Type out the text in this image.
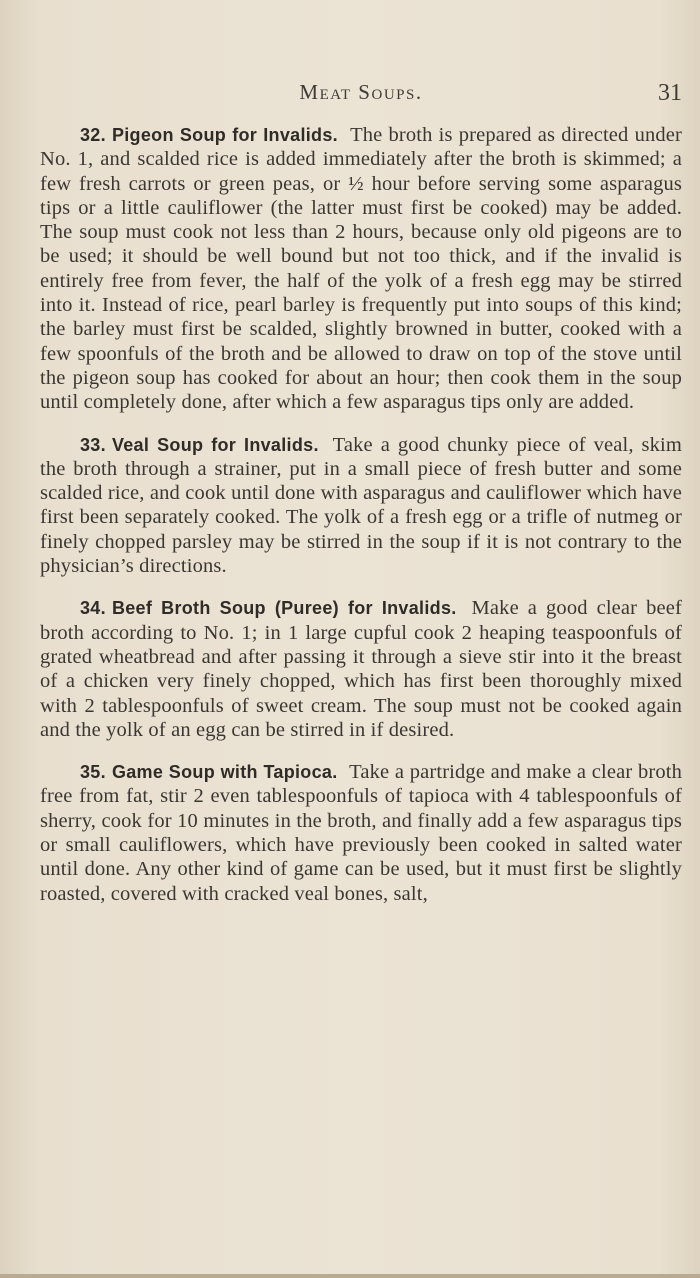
Meat Soups.	31

32. Pigeon Soup for Invalids. The broth is prepared as directed under No. 1, and scalded rice is added immediately after the broth is skimmed; a few fresh carrots or green peas, or ½ hour before serving some asparagus tips or a little cauliflower (the latter must first be cooked) may be added. The soup must cook not less than 2 hours, because only old pigeons are to be used; it should be well bound but not too thick, and if the invalid is entirely free from fever, the half of the yolk of a fresh egg may be stirred into it. Instead of rice, pearl barley is frequently put into soups of this kind; the barley must first be scalded, slightly browned in butter, cooked with a few spoonfuls of the broth and be allowed to draw on top of the stove until the pigeon soup has cooked for about an hour; then cook them in the soup until completely done, after which a few asparagus tips only are added.

33. Veal Soup for Invalids. Take a good chunky piece of veal, skim the broth through a strainer, put in a small piece of fresh butter and some scalded rice, and cook until done with asparagus and cauliflower which have first been separately cooked. The yolk of a fresh egg or a trifle of nutmeg or finely chopped parsley may be stirred in the soup if it is not contrary to the physician’s directions.

34. Beef Broth Soup (Puree) for Invalids. Make a good clear beef broth according to No. 1; in 1 large cupful cook 2 heaping teaspoonfuls of grated wheatbread and after passing it through a sieve stir into it the breast of a chicken very finely chopped, which has first been thoroughly mixed with 2 tablespoonfuls of sweet cream. The soup must not be cooked again and the yolk of an egg can be stirred in if desired.

35. Game Soup with Tapioca. Take a partridge and make a clear broth free from fat, stir 2 even tablespoonfuls of tapioca with 4 tablespoonfuls of sherry, cook for 10 minutes in the broth, and finally add a few asparagus tips or small cauliflowers, which have previously been cooked in salted water until done. Any other kind of game can be used, but it must first be slightly roasted, covered with cracked veal bones, salt,
